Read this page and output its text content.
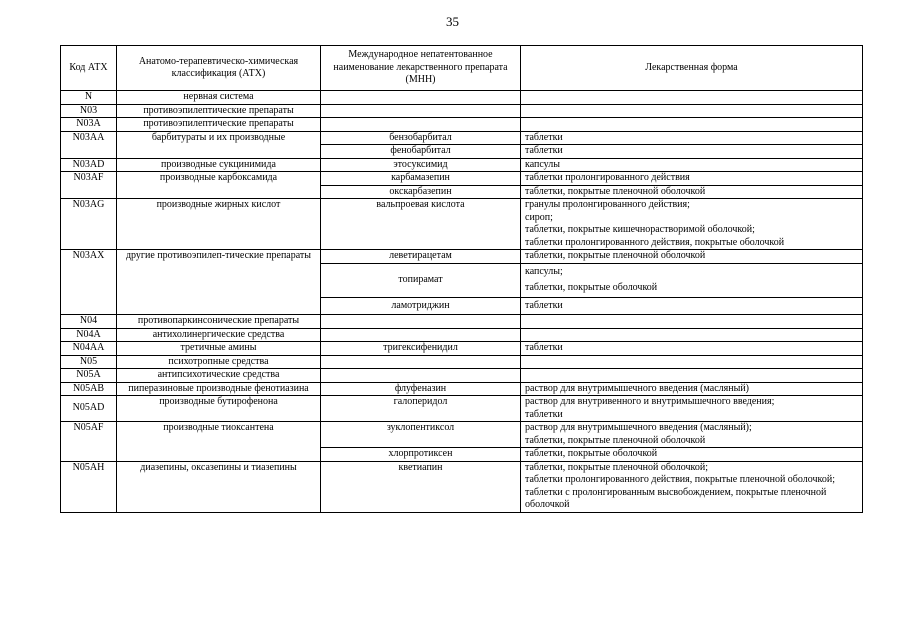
35
Код АТХ	Анатомо-терапевтическо-химическая классификация (АТХ)	Международное непатентованное наименование лекарственного препарата (МНН)	Лекарственная форма
N	нервная система		
N03	противоэпилептические препараты		
N03A	противоэпилептические препараты		
N03AA	барбитураты и их производные	бензобарбитал	таблетки
		фенобарбитал	таблетки
N03AD	производные сукцинимида	этосуксимид	капсулы
N03AF	производные карбоксамида	карбамазепин	таблетки пролонгированного действия
		окскарбазепин	таблетки, покрытые пленочной оболочкой
N03AG	производные жирных кислот	вальпроевая кислота	гранулы пролонгированного действия;
сироп;
таблетки, покрытые кишечнорастворимой оболочкой;
таблетки пролонгированного действия, покрытые оболочкой

N03AX	другие противоэпилеп-тические препараты	леветирацетам	таблетки, покрытые пленочной оболочкой
		топирамат	капсулы;
таблетки, покрытые оболочкой

		ламотриджин	таблетки
N04	противопаркинсонические препараты		
N04A	антихолинергические средства		
N04AA	третичные амины	тригексифенидил	таблетки
N05	психотропные средства		
N05A	антипсихотические средства		
N05AB	пиперазиновые производные фенотиазина	флуфеназин	раствор для внутримышечного введения (масляный)
N05AD	производные бутирофенона	галоперидол	раствор для внутривенного и внутримышечного введения;
таблетки

N05AF	производные тиоксантена	зуклопентиксол	раствор для внутримышечного введения (масляный);
таблетки, покрытые пленочной оболочкой

		хлорпротиксен	таблетки, покрытые оболочкой
N05AH	диазепины, оксазепины и тиазепины	кветиапин	таблетки, покрытые пленочной оболочкой;
таблетки пролонгированного действия, покрытые пленочной оболочкой;
таблетки с пролонгированным высвобождением, покрытые пленочной оболочкой
